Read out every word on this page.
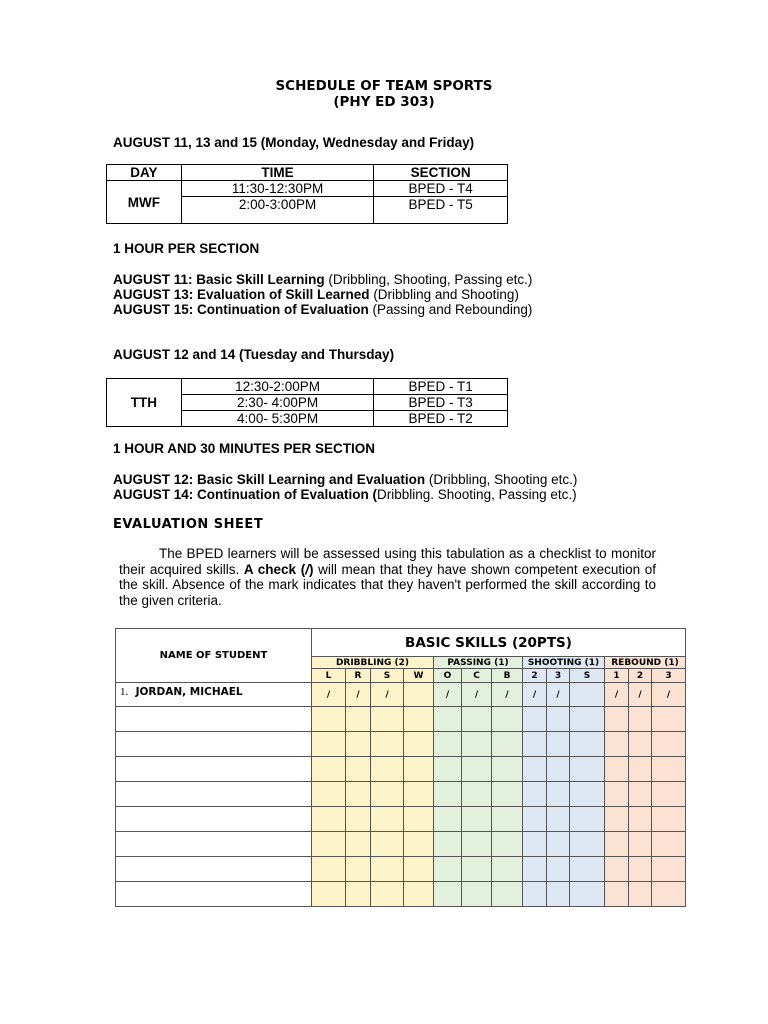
SCHEDULE OF TEAM SPORTS
(PHY ED 303)
AUGUST 11, 13 and 15 (Monday, Wednesday and Friday)
DAY	TIME	SECTION
MWF	11:30-12:30PM	BPED - T4
	2:00-3:00PM	BPED - T5
1 HOUR PER SECTION
AUGUST 11: Basic Skill Learning (Dribbling, Shooting, Passing etc.)
AUGUST 13: Evaluation of Skill Learned (Dribbling and Shooting)
AUGUST 15: Continuation of Evaluation (Passing and Rebounding)
AUGUST 12 and 14 (Tuesday and Thursday)
TTH	12:30-2:00PM	BPED - T1
	2:30- 4:00PM	BPED - T3
	4:00- 5:30PM	BPED - T2
1 HOUR AND 30 MINUTES PER SECTION
AUGUST 12: Basic Skill Learning and Evaluation (Dribbling, Shooting etc.)
AUGUST 14: Continuation of Evaluation (Dribbling. Shooting, Passing etc.)
EVALUATION SHEET
The BPED learners will be assessed using this tabulation as a checklist to monitor their acquired skills. A check (/) will mean that they have shown competent execution of the skill. Absence of the mark indicates that they haven't performed the skill according to the given criteria.
NAME OF STUDENT	BASIC SKILLS (20PTS)												
	DRIBBLING (2)				PASSING (1)			SHOOTING (1)			REBOUND (1)		
	L	R	S	W	O	C	B	2	3	S	1	2	3
1. JORDAN, MICHAEL	/	/	/		/	/	/	/	/		/	/	/
